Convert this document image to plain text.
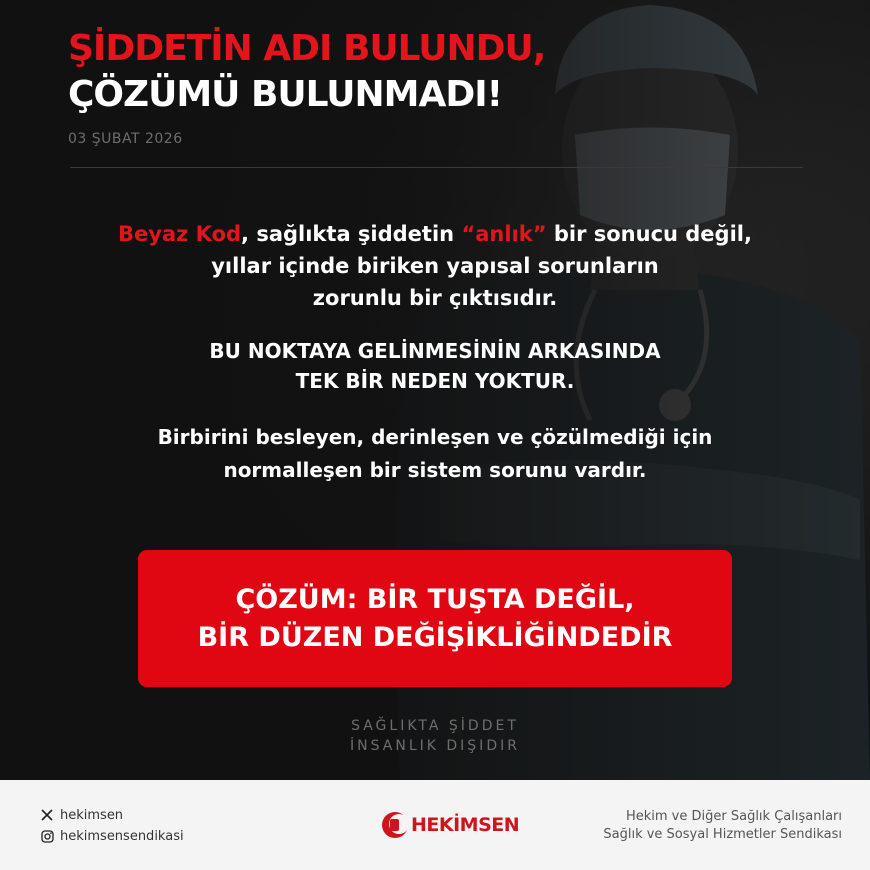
ŞİDDETİN ADI BULUNDU,
ÇÖZÜMÜ BULUNMADI!
03 ŞUBAT 2026
Beyaz Kod, sağlıkta şiddetin “anlık” bir sonucu değil,
yıllar içinde biriken yapısal sorunların
zorunlu bir çıktısıdır.
BU NOKTAYA GELİNMESİNİN ARKASINDA
TEK BİR NEDEN YOKTUR.
Birbirini besleyen, derinleşen ve çözülmediği için
normalleşen bir sistem sorunu vardır.
ÇÖZÜM: BİR TUŞTA DEĞİL,
BİR DÜZEN DEĞİŞİKLİĞİNDEDİR
SAĞLIKTA ŞİDDET
İNSANLIK DIŞIDIR
hekimsen
hekimsensendikasi	HEKİMSEN	Hekim ve Diğer Sağlık Çalışanları
Sağlık ve Sosyal Hizmetler Sendikası
